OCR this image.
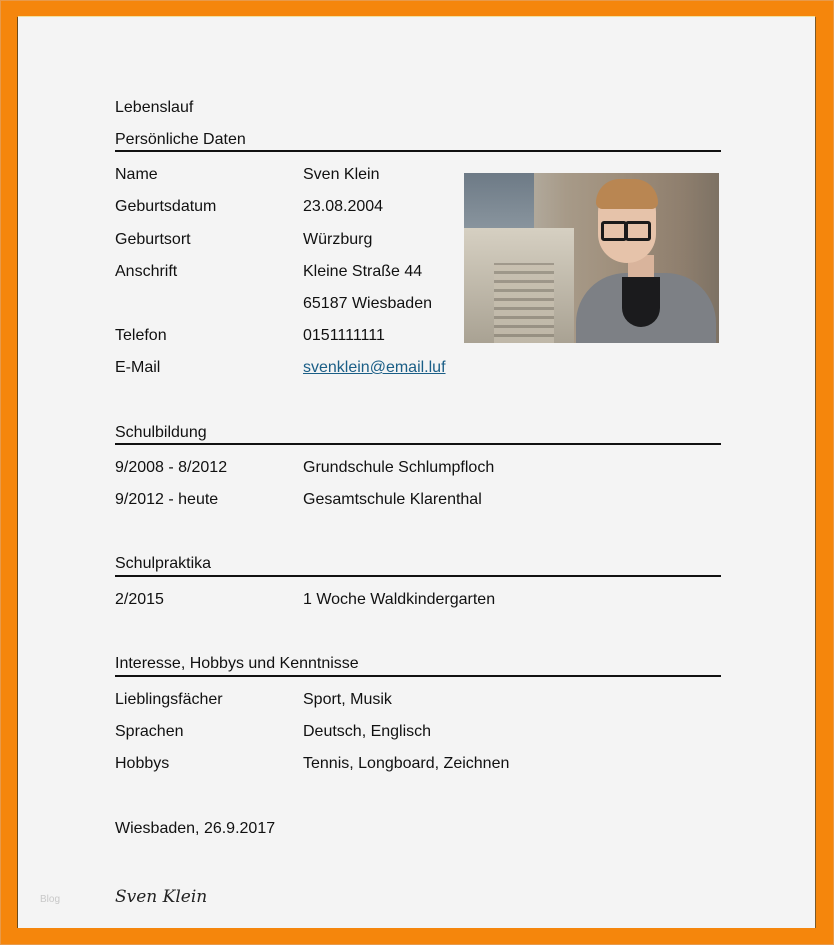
Lebenslauf
Persönliche Daten
Name	Sven Klein
Geburtsdatum	23.08.2004
Geburtsort	Würzburg
Anschrift	Kleine Straße 44
65187 Wiesbaden
Telefon	0151111111
E-Mail	svenklein@email.luf
Schulbildung
9/2008 - 8/2012	Grundschule Schlumpfloch
9/2012 - heute	Gesamtschule Klarenthal
Schulpraktika
2/2015	1 Woche Waldkindergarten
Interesse, Hobbys und Kenntnisse
Lieblingsfächer	Sport, Musik
Sprachen	Deutsch, Englisch
Hobbys	Tennis, Longboard, Zeichnen
Wiesbaden, 26.9.2017
Blog	Sven Klein
